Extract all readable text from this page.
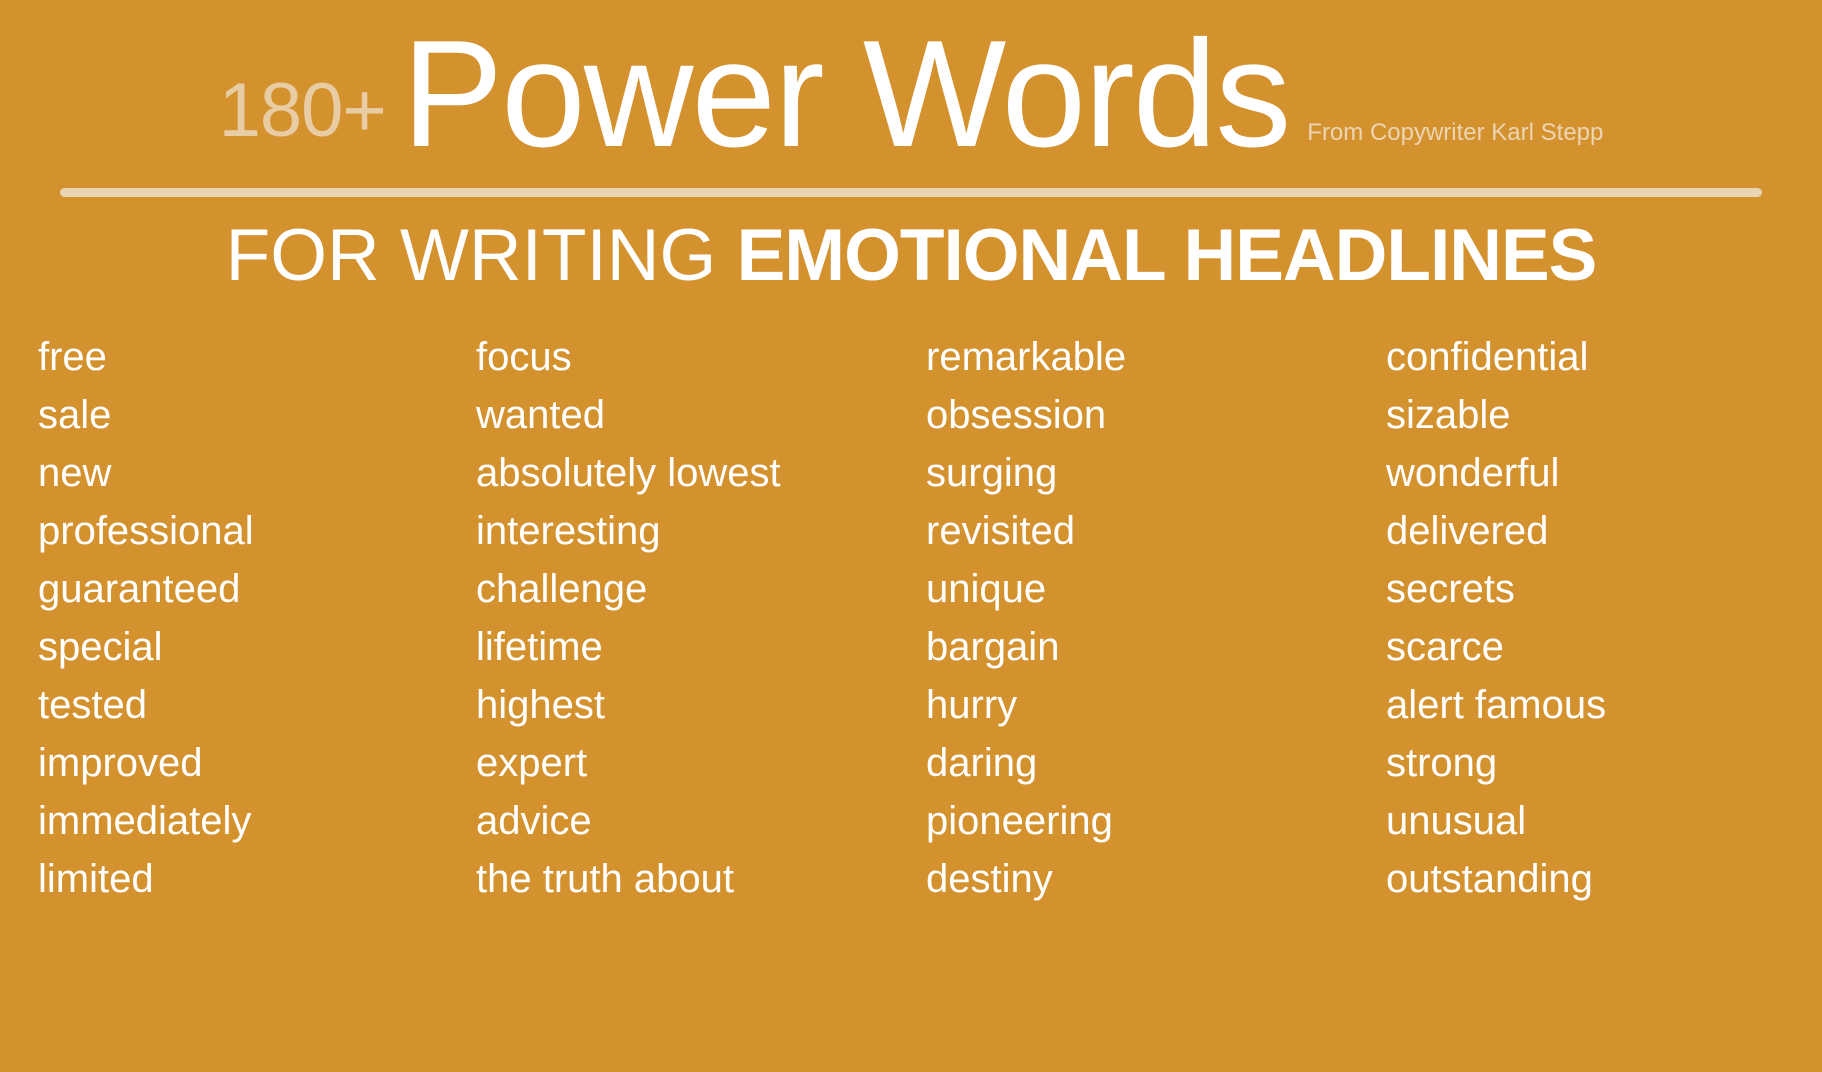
180+ Power Words From Copywriter Karl Stepp
FOR WRITING EMOTIONAL HEADLINES
free
sale
new
professional
guaranteed
special
tested
improved
immediately
limited
focus
wanted
absolutely lowest
interesting
challenge
lifetime
highest
expert
advice
the truth about
remarkable
obsession
surging
revisited
unique
bargain
hurry
daring
pioneering
destiny
confidential
sizable
wonderful
delivered
secrets
scarce
alert famous
strong
unusual
outstanding
